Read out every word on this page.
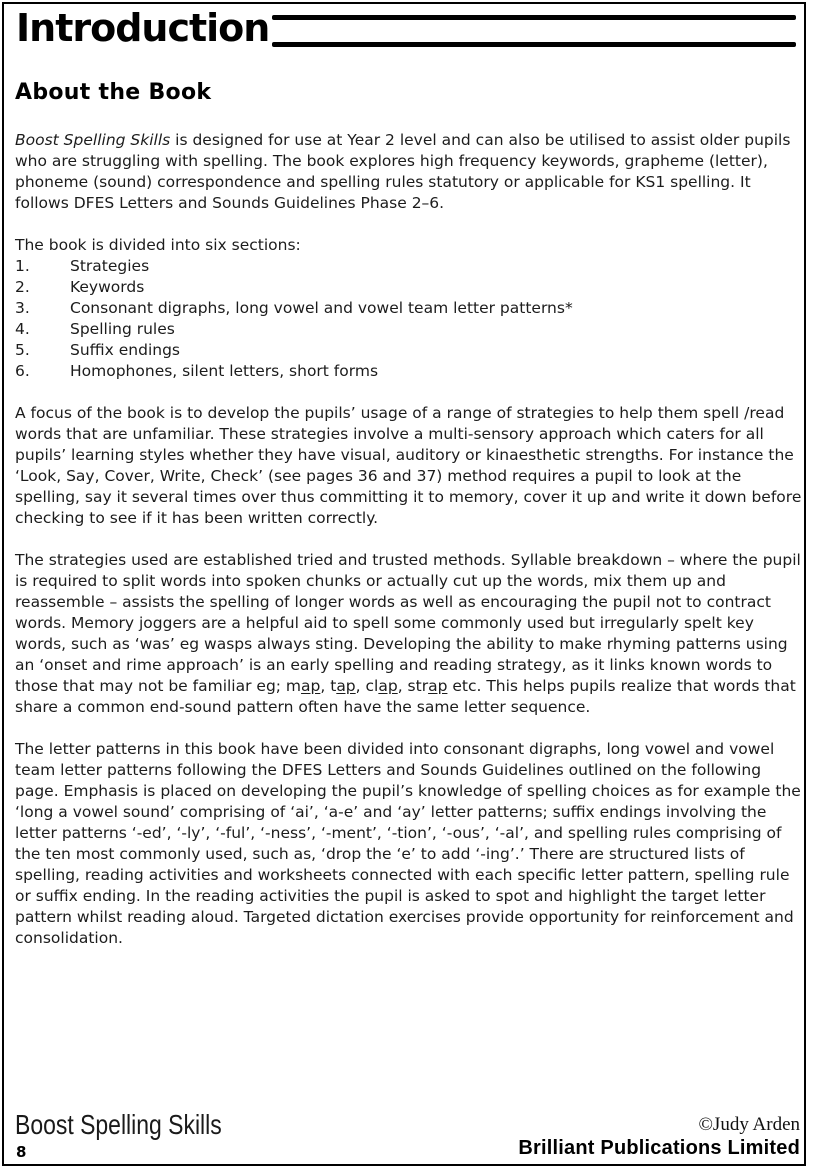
Introduction
About the Book

Boost Spelling Skills is designed for use at Year 2 level and can also be utilised to assist older pupils who are struggling with spelling. The book explores high frequency keywords, grapheme (letter), phoneme (sound) correspondence and spelling rules statutory or applicable for KS1 spelling. It follows DFES Letters and Sounds Guidelines Phase 2–6.

The book is divided into six sections:

1.	Strategies
2.	Keywords
3.	Consonant digraphs, long vowel and vowel team letter patterns*
4.	Spelling rules
5.	Suffix endings
6.	Homophones, silent letters, short forms

A focus of the book is to develop the pupils’ usage of a range of strategies to help them spell /read words that are unfamiliar. These strategies involve a multi-sensory approach which caters for all pupils’ learning styles whether they have visual, auditory or kinaesthetic strengths. For instance the ‘Look, Say, Cover, Write, Check’ (see pages 36 and 37) method requires a pupil to look at the spelling, say it several times over thus committing it to memory, cover it up and write it down before checking to see if it has been written correctly.

The strategies used are established tried and trusted methods. Syllable breakdown – where the pupil is required to split words into spoken chunks or actually cut up the words, mix them up and reassemble – assists the spelling of longer words as well as encouraging the pupil not to contract words. Memory joggers are a helpful aid to spell some commonly used but irregularly spelt key words, such as ‘was’ eg wasps always sting. Developing the ability to make rhyming patterns using an ‘onset and rime approach’ is an early spelling and reading strategy, as it links known words to those that may not be familiar eg; map, tap, clap, strap etc. This helps pupils realize that words that share a common end-sound pattern often have the same letter sequence.

The letter patterns in this book have been divided into consonant digraphs, long vowel and vowel team letter patterns following the DFES Letters and Sounds Guidelines outlined on the following page. Emphasis is placed on developing the pupil’s knowledge of spelling choices as for example the ‘long a vowel sound’ comprising of ‘ai’, ‘a-e’ and ‘ay’ letter patterns; suffix endings involving the letter patterns ‘-ed’, ‘-ly’, ‘-ful’, ‘-ness’, ‘-ment’, ‘-tion’, ‘-ous’, ‘-al’, and spelling rules comprising of the ten most commonly used, such as, ‘drop the ‘e’ to add ‘-ing’.’ There are structured lists of spelling, reading activities and worksheets connected with each specific letter pattern, spelling rule or suffix ending. In the reading activities the pupil is asked to spot and highlight the target letter pattern whilst reading aloud. Targeted dictation exercises provide opportunity for reinforcement and consolidation.

Boost Spelling Skills
8
©Judy Arden
Brilliant Publications Limited
